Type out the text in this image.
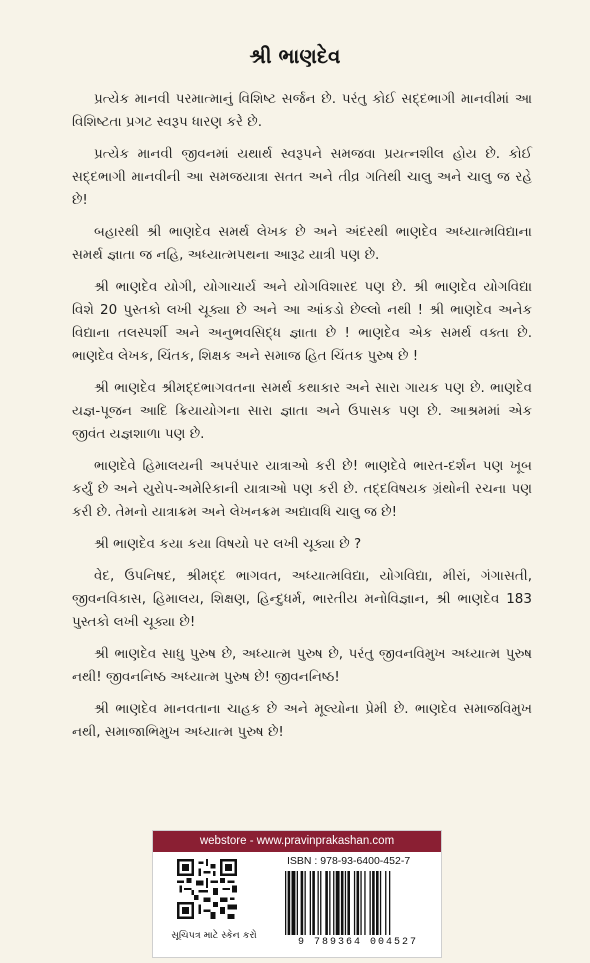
શ્રી ભાણદેવ

પ્રત્યેક માનવી પરમાત્માનું વિશિષ્ટ સર્જન છે. પરંતુ કોઈ સદ્દભાગી માનવીમાં આ વિશિષ્ટતા પ્રગટ સ્વરૂપ ધારણ કરે છે.

પ્રત્યેક માનવી જીવનમાં યથાર્થ સ્વરૂપને સમજવા પ્રયત્નશીલ હોય છે. કોઈ સદ્દભાગી માનવીની આ સમજયાત્રા સતત અને તીવ્ર ગતિથી ચાલુ અને ચાલુ જ રહે છે!

બહારથી શ્રી ભાણદેવ સમર્થ લેખક છે અને અંદરથી ભાણદેવ અધ્યાત્મવિદ્યાના સમર્થ જ્ઞાતા જ નહિ, અધ્યાત્મપથના આરૂઢ યાત્રી પણ છે.

શ્રી ભાણદેવ યોગી, યોગાચાર્ય અને યોગવિશારદ પણ છે. શ્રી ભાણદેવ યોગવિદ્યા વિશે 20 પુસ્તકો લખી ચૂક્યા છે અને આ આંકડો છેલ્લો નથી ! શ્રી ભાણદેવ અનેક વિદ્યાના તલસ્પર્શી અને અનુભવસિદ્ધ જ્ઞાતા છે ! ભાણદેવ એક સમર્થ વક્તા છે. ભાણદેવ લેખક, ચિંતક, શિક્ષક અને સમાજ હિત ચિંતક પુરુષ છે !

શ્રી ભાણદેવ શ્રીમદ્દભાગવતના સમર્થ કથાકાર અને સારા ગાયક પણ છે. ભાણદેવ યજ્ઞ-પૂજન આદિ ક્રિયાયોગના સારા જ્ઞાતા અને ઉપાસક પણ છે. આશ્રમમાં એક જીવંત યજ્ઞશાળા પણ છે.

ભાણદેવે હિમાલયની અપરંપાર યાત્રાઓ કરી છે! ભાણદેવે ભારત-દર્શન પણ ખૂબ કર્યું છે અને યુરોપ-અમેરિકાની યાત્રાઓ પણ કરી છે. તદ્દવિષયક ગ્રંથોની રચના પણ કરી છે. તેમનો યાત્રાક્રમ અને લેખનક્રમ અદ્યાવધિ ચાલુ જ છે!

શ્રી ભાણદેવ કયા કયા વિષયો પર લખી ચૂક્યા છે ?

વેદ, ઉપનિષદ, શ્રીમદ્દ ભાગવત, અધ્યાત્મવિદ્યા, યોગવિદ્યા, મીરાં, ગંગાસતી, જીવનવિકાસ, હિમાલય, શિક્ષણ, હિન્દુધર્મ, ભારતીય મનોવિજ્ઞાન, શ્રી ભાણદેવ 183 પુસ્તકો લખી ચૂક્યા છે!

શ્રી ભાણદેવ સાધુ પુરુષ છે, અધ્યાત્મ પુરુષ છે, પરંતુ જીવનવિમુખ અધ્યાત્મ પુરુષ નથી! જીવનનિષ્ઠ અધ્યાત્મ પુરુષ છે! જીવનનિષ્ઠ!

શ્રી ભાણદેવ માનવતાના ચાહક છે અને મૂલ્યોના પ્રેમી છે. ભાણદેવ સમાજવિમુખ નથી, સમાજાભિમુખ અધ્યાત્મ પુરુષ છે!

webstore - www.pravinprakashan.com
સૂચિપત્ર માટે સ્કેન કરો
ISBN : 978-93-6400-452-7
9 789364 004527
